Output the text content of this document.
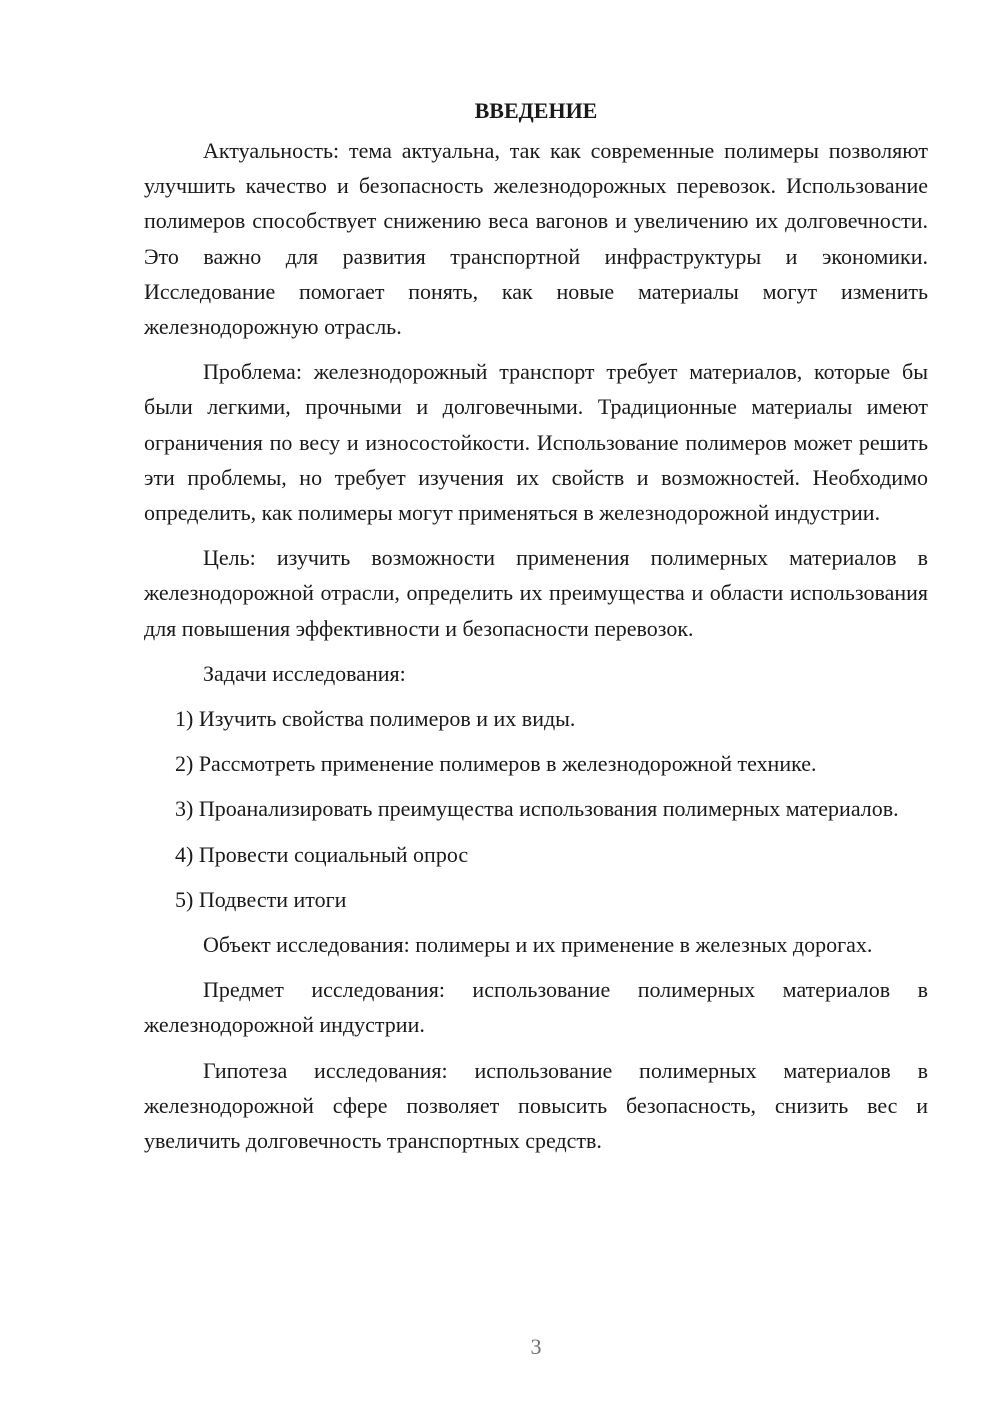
ВВЕДЕНИЕ

Актуальность: тема актуальна, так как современные полимеры позволяют улучшить качество и безопасность железнодорожных перевозок. Использование полимеров способствует снижению веса вагонов и увеличению их долговечности. Это важно для развития транспортной инфраструктуры и экономики. Исследование помогает понять, как новые материалы могут изменить железнодорожную отрасль.

Проблема: железнодорожный транспорт требует материалов, которые бы были легкими, прочными и долговечными. Традиционные материалы имеют ограничения по весу и износостойкости. Использование полимеров может решить эти проблемы, но требует изучения их свойств и возможностей. Необходимо определить, как полимеры могут применяться в железнодорожной индустрии.

Цель: изучить возможности применения полимерных материалов в железнодорожной отрасли, определить их преимущества и области использования для повышения эффективности и безопасности перевозок.

Задачи исследования:

1) Изучить свойства полимеров и их виды.

2) Рассмотреть применение полимеров в железнодорожной технике.

3) Проанализировать преимущества использования полимерных материалов.

4) Провести социальный опрос

5) Подвести итоги

Объект исследования: полимеры и их применение в железных дорогах.

Предмет исследования: использование полимерных материалов в железнодорожной индустрии.

Гипотеза исследования: использование полимерных материалов в железнодорожной сфере позволяет повысить безопасность, снизить вес и увеличить долговечность транспортных средств.

3
